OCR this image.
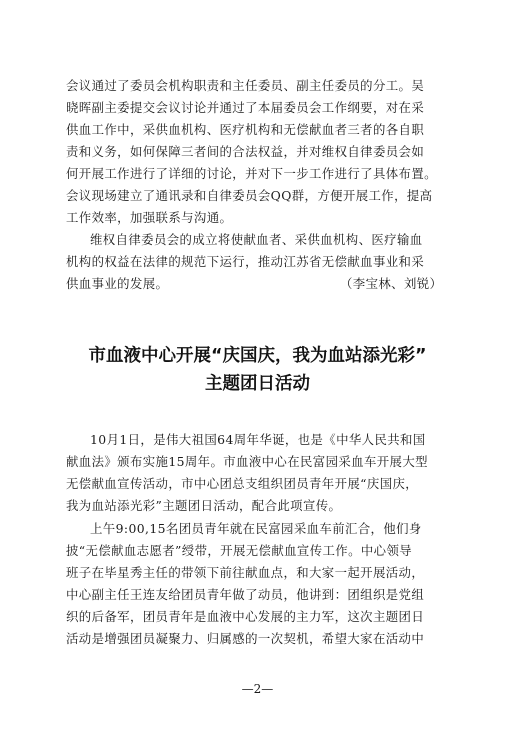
会议通过了委员会机构职责和主任委员、副主任委员的分工。吴
晓晖副主委提交会议讨论并通过了本届委员会工作纲要，对在采
供血工作中，采供血机构、医疗机构和无偿献血者三者的各自职
责和义务，如何保障三者间的合法权益，并对维权自律委员会如
何开展工作进行了详细的讨论，并对下一步工作进行了具体布置。
会议现场建立了通讯录和自律委员会QQ群，方便开展工作，提高
工作效率，加强联系与沟通。
维权自律委员会的成立将使献血者、采供血机构、医疗输血
机构的权益在法律的规范下运行，推动江苏省无偿献血事业和采
供血事业的发展。	（李宝林、刘锐）
市血液中心开展“庆国庆，我为血站添光彩”
主题团日活动
10月1日，是伟大祖国64周年华诞，也是《中华人民共和国
献血法》颁布实施15周年。市血液中心在民富园采血车开展大型
无偿献血宣传活动，市中心团总支组织团员青年开展“庆国庆，
我为血站添光彩”主题团日活动，配合此项宣传。
上午9:00,15名团员青年就在民富园采血车前汇合，他们身
披“无偿献血志愿者”绶带，开展无偿献血宣传工作。中心领导
班子在毕星秀主任的带领下前往献血点，和大家一起开展活动，
中心副主任王连友给团员青年做了动员，他讲到：团组织是党组
织的后备军，团员青年是血液中心发展的主力军，这次主题团日
活动是增强团员凝聚力、归属感的一次契机，希望大家在活动中
—2—
